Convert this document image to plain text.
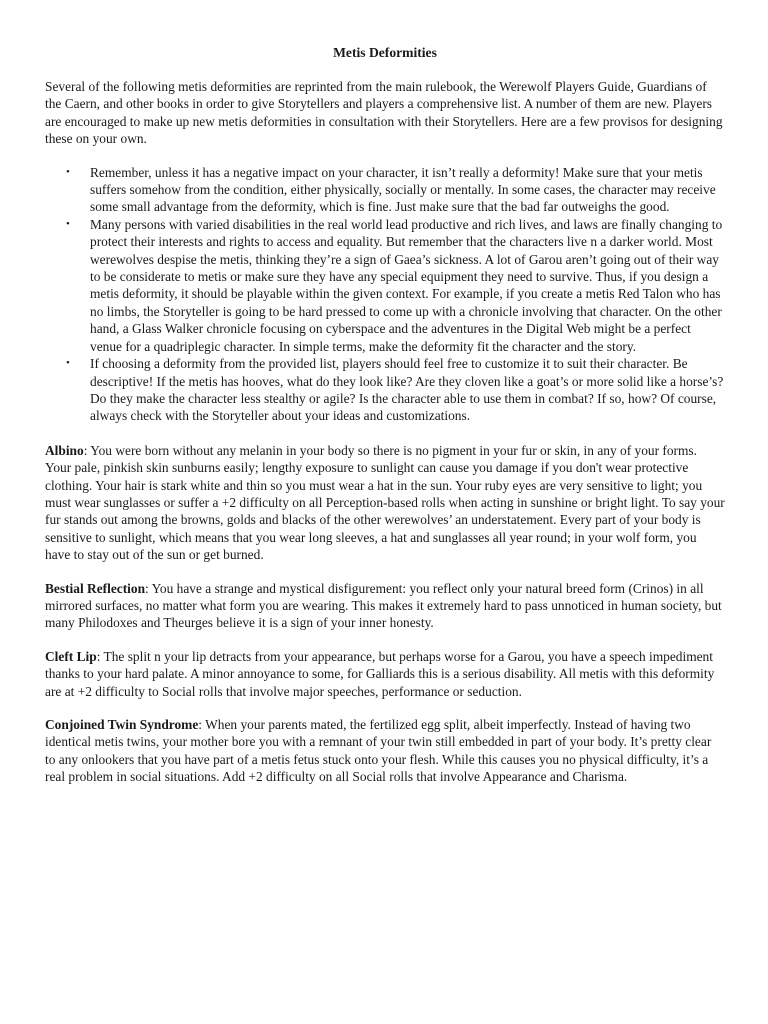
Metis Deformities

Several of the following metis deformities are reprinted from the main rulebook, the Werewolf Players Guide, Guardians of the Caern, and other books in order to give Storytellers and players a comprehensive list. A number of them are new. Players are encouraged to make up new metis deformities in consultation with their Storytellers. Here are a few provisos for designing these on your own.

• Remember, unless it has a negative impact on your character, it isn’t really a deformity! Make sure that your metis suffers somehow from the condition, either physically, socially or mentally. In some cases, the character may receive some small advantage from the deformity, which is fine. Just make sure that the bad far outweighs the good.
• Many persons with varied disabilities in the real world lead productive and rich lives, and laws are finally changing to protect their interests and rights to access and equality. But remember that the characters live n a darker world. Most werewolves despise the metis, thinking they’re a sign of Gaea’s sickness. A lot of Garou aren’t going out of their way to be considerate to metis or make sure they have any special equipment they need to survive. Thus, if you design a metis deformity, it should be playable within the given context. For example, if you create a metis Red Talon who has no limbs, the Storyteller is going to be hard pressed to come up with a chronicle involving that character. On the other hand, a Glass Walker chronicle focusing on cyberspace and the adventures in the Digital Web might be a perfect venue for a quadriplegic character. In simple terms, make the deformity fit the character and the story.
• If choosing a deformity from the provided list, players should feel free to customize it to suit their character. Be descriptive! If the metis has hooves, what do they look like? Are they cloven like a goat’s or more solid like a horse’s? Do they make the character less stealthy or agile? Is the character able to use them in combat? If so, how? Of course, always check with the Storyteller about your ideas and customizations.

Albino: You were born without any melanin in your body so there is no pigment in your fur or skin, in any of your forms. Your pale, pinkish skin sunburns easily; lengthy exposure to sunlight can cause you damage if you don't wear protective clothing. Your hair is stark white and thin so you must wear a hat in the sun. Your ruby eyes are very sensitive to light; you must wear sunglasses or suffer a +2 difficulty on all Perception-based rolls when acting in sunshine or bright light. To say your fur stands out among the browns, golds and blacks of the other werewolves’ an understatement. Every part of your body is sensitive to sunlight, which means that you wear long sleeves, a hat and sunglasses all year round; in your wolf form, you have to stay out of the sun or get burned.

Bestial Reflection: You have a strange and mystical disfigurement: you reflect only your natural breed form (Crinos) in all mirrored surfaces, no matter what form you are wearing. This makes it extremely hard to pass unnoticed in human society, but many Philodoxes and Theurges believe it is a sign of your inner honesty.

Cleft Lip: The split n your lip detracts from your appearance, but perhaps worse for a Garou, you have a speech impediment thanks to your hard palate. A minor annoyance to some, for Galliards this is a serious disability. All metis with this deformity are at +2 difficulty to Social rolls that involve major speeches, performance or seduction.

Conjoined Twin Syndrome: When your parents mated, the fertilized egg split, albeit imperfectly. Instead of having two identical metis twins, your mother bore you with a remnant of your twin still embedded in part of your body. It’s pretty clear to any onlookers that you have part of a metis fetus stuck onto your flesh. While this causes you no physical difficulty, it’s a real problem in social situations. Add +2 difficulty on all Social rolls that involve Appearance and Charisma.
